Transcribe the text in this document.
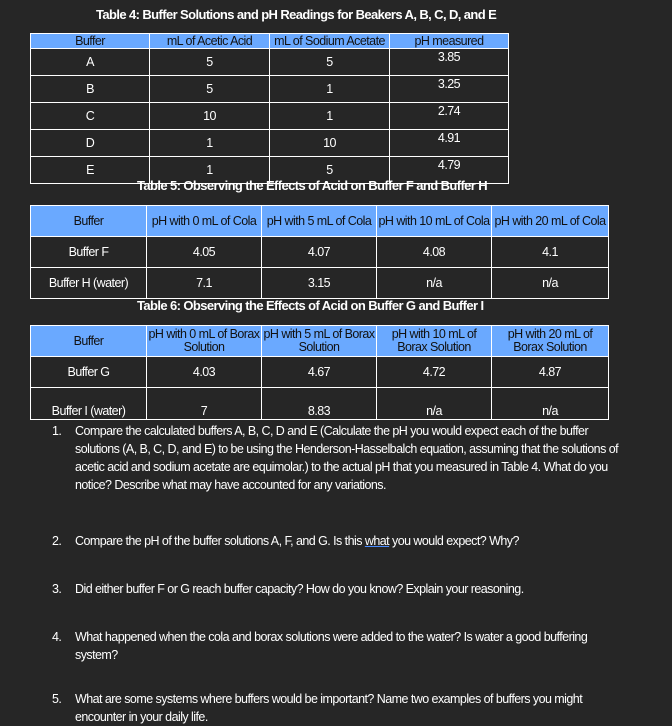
Table 4: Buffer Solutions and pH Readings for Beakers A, B, C, D, and E
Buffer	mL of Acetic Acid	mL of Sodium Acetate	pH measured
A	5	5	3.85
B	5	1	3.25
C	10	1	2.74
D	1	10	4.91
E	1	5	4.79
Table 5: Observing the Effects of Acid on Buffer F and Buffer H
Buffer	pH with 0 mL of Cola	pH with 5 mL of Cola	pH with 10 mL of Cola	pH with 20 mL of Cola
Buffer F	4.05	4.07	4.08	4.1
Buffer H (water)	7.1	3.15	n/a	n/a
Table 6: Observing the Effects of Acid on Buffer G and Buffer I
Buffer	pH with 0 mL of Borax Solution	pH with 5 mL of Borax Solution	pH with 10 mL of Borax Solution	pH with 20 mL of Borax Solution
Buffer G	4.03	4.67	4.72	4.87
Buffer I (water)	7	8.83	n/a	n/a
1. Compare the calculated buffers A, B, C, D and E (Calculate the pH you would expect each of the buffer solutions (A, B, C, D, and E) to be using the Henderson-Hasselbalch equation, assuming that the solutions of acetic acid and sodium acetate are equimolar.) to the actual pH that you measured in Table 4. What do you notice? Describe what may have accounted for any variations.
2. Compare the pH of the buffer solutions A, F, and G. Is this what you would expect? Why?
3. Did either buffer F or G reach buffer capacity? How do you know? Explain your reasoning.
4. What happened when the cola and borax solutions were added to the water? Is water a good buffering system?
5. What are some systems where buffers would be important? Name two examples of buffers you might encounter in your daily life.
